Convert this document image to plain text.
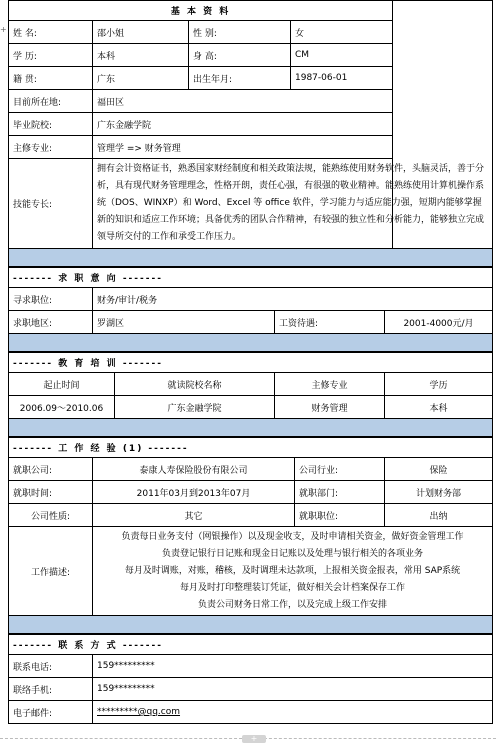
+
基 本 资 料				
姓 名:	邵小姐	性 别:	女	
学 历:	本科	身 高:	CM	
籍 贯:	广东	出生年月:	1987-06-01	
目前所在地:	福田区			
毕业院校:	广东金融学院			
主修专业:	管理学 => 财务管理			
技能专长:	拥有会计资格证书，熟悉国家财经制度和相关政策法规，能熟练使用财务软件，头脑灵活，善于分析，具有现代财务管理理念，性格开朗，责任心强，有很强的敬业精神。能熟练使用计算机操作系统（DOS、WINXP）和 Word、Excel 等 office 软件，学习能力与适应能力强，短期内能够掌握新的知识和适应工作环境；具备优秀的团队合作精神，有较强的独立性和分析能力，能够独立完成领导所交付的工作和承受工作压力。			

------- 求 职 意 向 -------			
寻求职位:	财务/审计/税务		
求职地区:	罗湖区	工资待遇:	2001-4000元/月

------- 教 育 培 训 -------			
起止时间	就读院校名称	主修专业	学历
2006.09～2010.06	广东金融学院	财务管理	本科

------- 工 作 经 验 (1) -------			
就职公司:	泰康人寿保险股份有限公司	公司行业:	保险
就职时间:	2011年03月到2013年07月	就职部门:	计划财务部
公司性质:	其它	就职职位:	出纳
工作描述:	负责每日业务支付（网银操作）以及现金收支，及时申请相关资金，做好资金管理工作
负责登记银行日记账和现金日记账以及处理与银行相关的各项业务
每月及时调账，对账，稽核，及时调理未达款项，上报相关资金报表，常用 SAP系统
每月及时打印整理装订凭证，做好相关会计档案保存工作
负责公司财务日常工作，以及完成上级工作安排		

------- 联 系 方 式 -------	
联系电话:	159*********
联络手机:	159*********
电子邮件:	*********@qq.com
+
